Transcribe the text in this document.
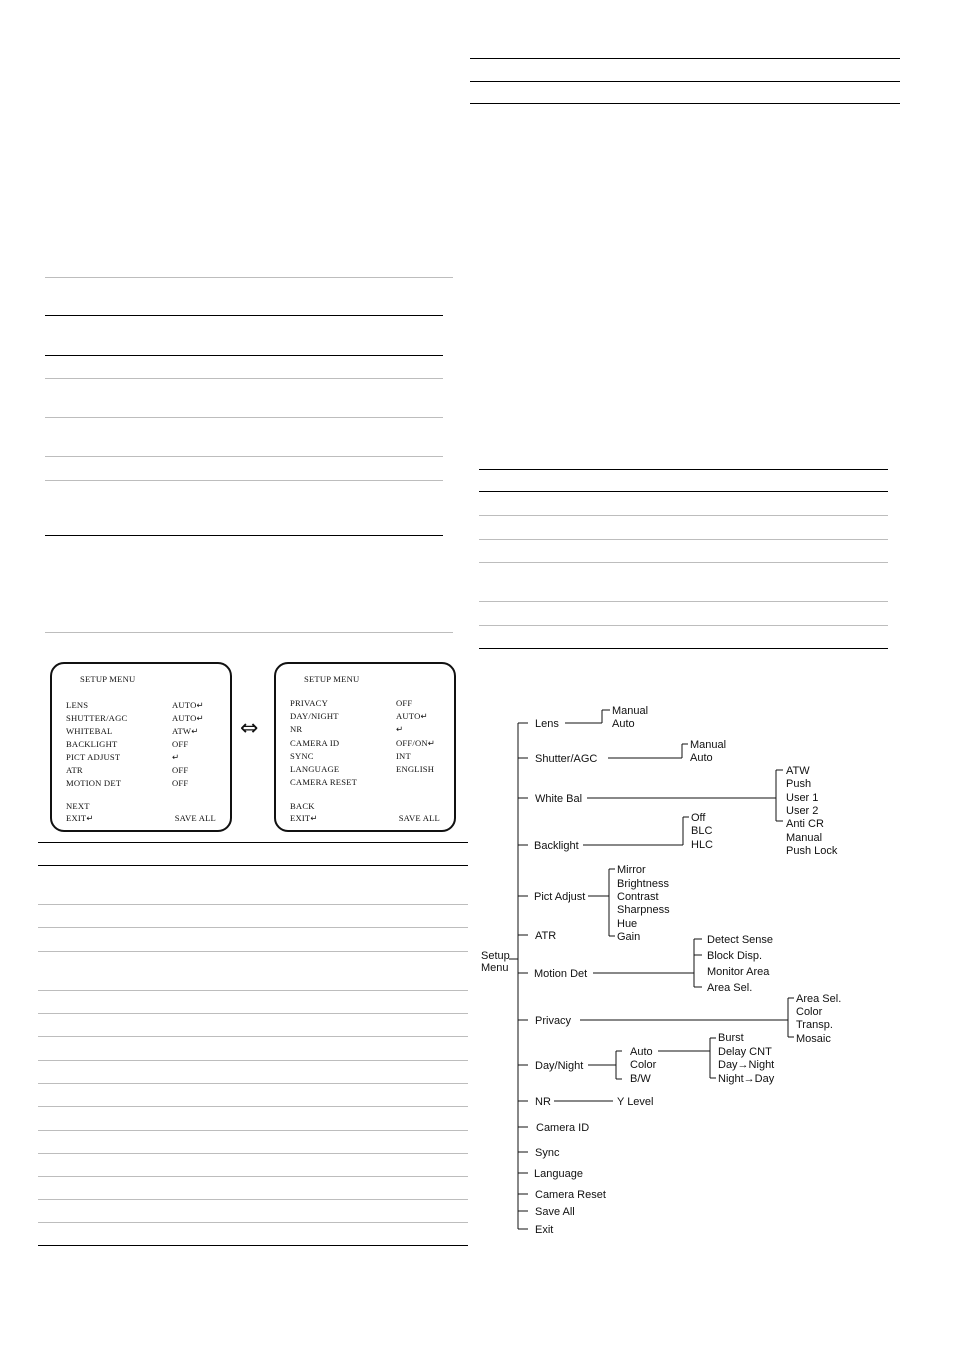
SETUP MENU
LENS	AUTO↵
SHUTTER/AGC	AUTO↵
WHITEBAL	ATW↵
BACKLIGHT	OFF
PICT ADJUST	↵
ATR	OFF
MOTION DET	OFF
NEXT
EXIT↵	SAVE ALL
⇔
SETUP MENU
PRIVACY	OFF
DAY/NIGHT	AUTO↵
NR	↵
CAMERA ID	OFF/ON↵
SYNC	INT
LANGUAGE	ENGLISH
CAMERA RESET
BACK
EXIT↵	SAVE ALL
Setup
Menu
Lens
Manual
Auto
Shutter/AGC
Manual
Auto
White Bal
ATW
Push
User 1
User 2
Anti CR
Manual
Push Lock
Backlight
Off
BLC
HLC
Pict Adjust
Mirror
Brightness
Contrast
Sharpness
Hue
Gain
ATR
Motion Det
Detect Sense
Block Disp.
Monitor Area
Area Sel.
Privacy
Area Sel.
Color
Transp.
Mosaic
Day/Night
Auto
Color
B/W
Burst
Delay CNT
Day→Night
Night→Day
NR	Y Level
Camera ID
Sync
Language
Camera Reset
Save All
Exit
